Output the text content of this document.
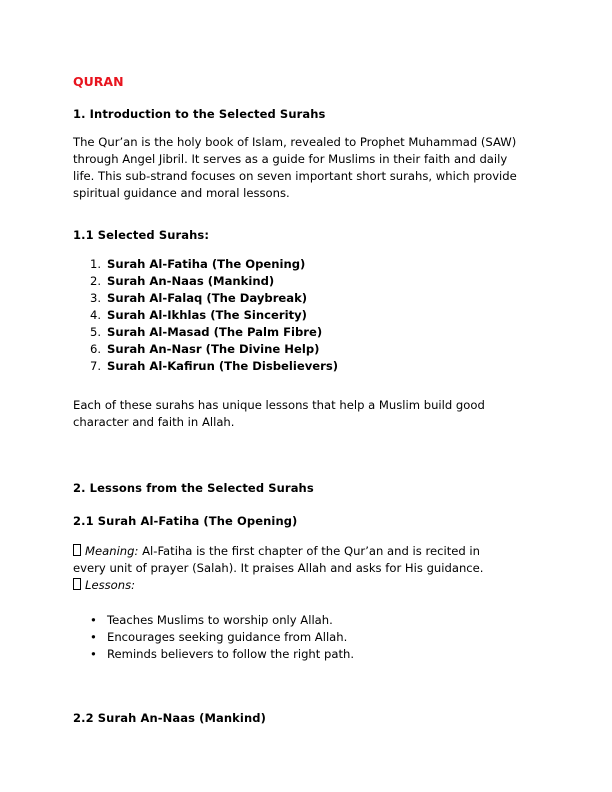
QURAN
1. Introduction to the Selected Surahs
The Qur’an is the holy book of Islam, revealed to Prophet Muhammad (SAW)
through Angel Jibril. It serves as a guide for Muslims in their faith and daily
life. This sub-strand focuses on seven important short surahs, which provide
spiritual guidance and moral lessons.
1.1 Selected Surahs:
1. Surah Al-Fatiha (The Opening)
2. Surah An-Naas (Mankind)
3. Surah Al-Falaq (The Daybreak)
4. Surah Al-Ikhlas (The Sincerity)
5. Surah Al-Masad (The Palm Fibre)
6. Surah An-Nasr (The Divine Help)
7. Surah Al-Kafirun (The Disbelievers)
Each of these surahs has unique lessons that help a Muslim build good
character and faith in Allah.
2. Lessons from the Selected Surahs
2.1 Surah Al-Fatiha (The Opening)
Meaning: Al-Fatiha is the first chapter of the Qur’an and is recited in
every unit of prayer (Salah). It praises Allah and asks for His guidance.
Lessons:
• Teaches Muslims to worship only Allah.
• Encourages seeking guidance from Allah.
• Reminds believers to follow the right path.
2.2 Surah An-Naas (Mankind)
